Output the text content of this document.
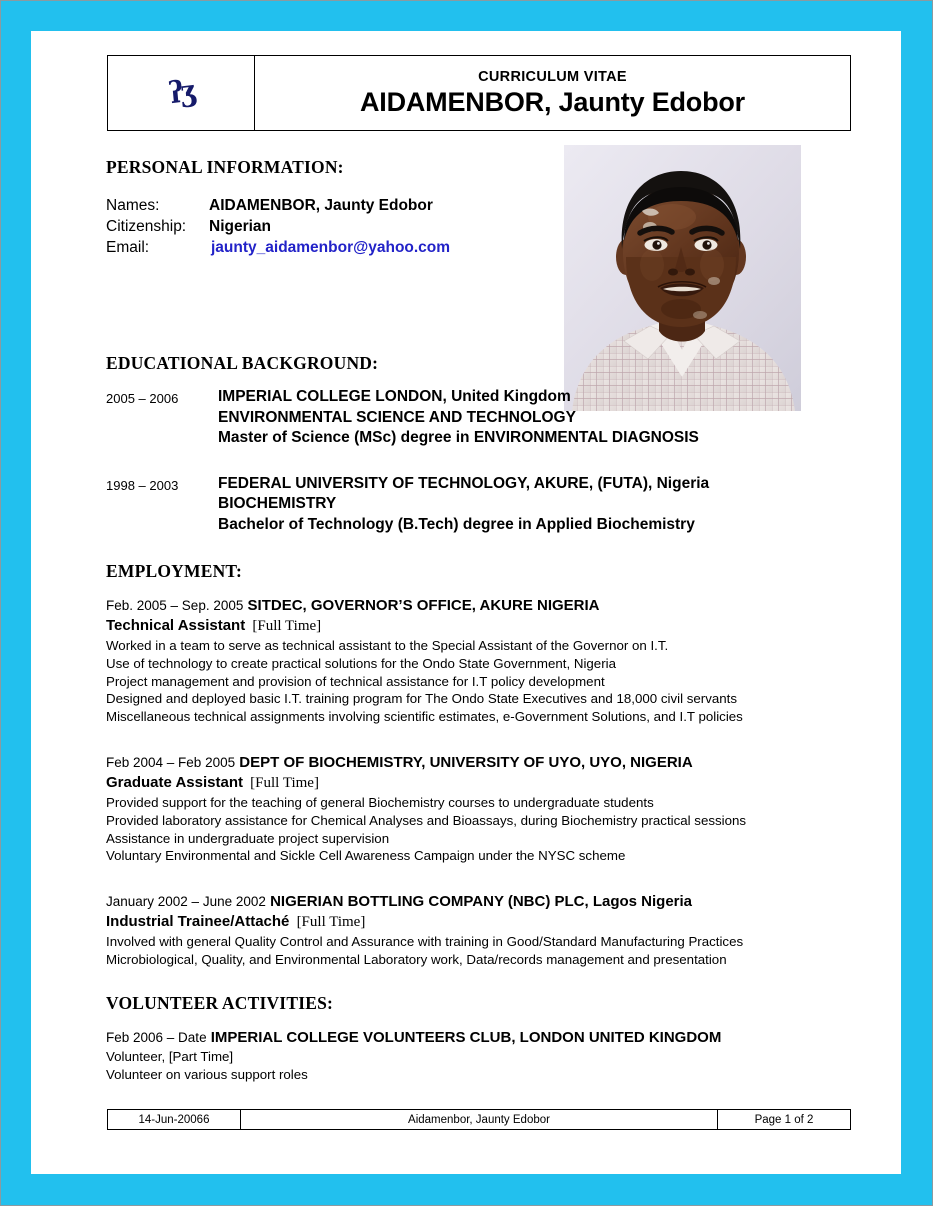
ʔʒ	CURRICULUM VITAE
AIDAMENBOR, Jaunty Edobor
PERSONAL INFORMATION:
Names:	AIDAMENBOR, Jaunty Edobor
Citizenship:	Nigerian
Email:	jaunty_aidamenbor@yahoo.com
EDUCATIONAL BACKGROUND:
2005 – 2006	IMPERIAL COLLEGE LONDON, United Kingdom
ENVIRONMENTAL SCIENCE AND TECHNOLOGY
Master of Science (MSc) degree in ENVIRONMENTAL DIAGNOSIS
1998 – 2003	FEDERAL UNIVERSITY OF TECHNOLOGY, AKURE, (FUTA), Nigeria
BIOCHEMISTRY
Bachelor of Technology (B.Tech) degree in Applied Biochemistry
EMPLOYMENT:
Feb. 2005 – Sep. 2005 SITDEC, GOVERNOR’S OFFICE, AKURE NIGERIA
Technical Assistant [Full Time]
Worked in a team to serve as technical assistant to the Special Assistant of the Governor on I.T.
Use of technology to create practical solutions for the Ondo State Government, Nigeria
Project management and provision of technical assistance for I.T policy development
Designed and deployed basic I.T. training program for The Ondo State Executives and 18,000 civil servants
Miscellaneous technical assignments involving scientific estimates, e-Government Solutions, and I.T policies
Feb 2004 – Feb 2005 DEPT OF BIOCHEMISTRY, UNIVERSITY OF UYO, UYO, NIGERIA
Graduate Assistant [Full Time]
Provided support for the teaching of general Biochemistry courses to undergraduate students
Provided laboratory assistance for Chemical Analyses and Bioassays, during Biochemistry practical sessions
Assistance in undergraduate project supervision
Voluntary Environmental and Sickle Cell Awareness Campaign under the NYSC scheme
January 2002 – June 2002 NIGERIAN BOTTLING COMPANY (NBC) PLC, Lagos Nigeria
Industrial Trainee/Attaché [Full Time]
Involved with general Quality Control and Assurance with training in Good/Standard Manufacturing Practices
Microbiological, Quality, and Environmental Laboratory work, Data/records management and presentation
VOLUNTEER ACTIVITIES:
Feb 2006 – Date IMPERIAL COLLEGE VOLUNTEERS CLUB, LONDON UNITED KINGDOM
Volunteer, [Part Time]
Volunteer on various support roles
14-Jun-20066	Aidamenbor, Jaunty Edobor	Page 1 of 2
